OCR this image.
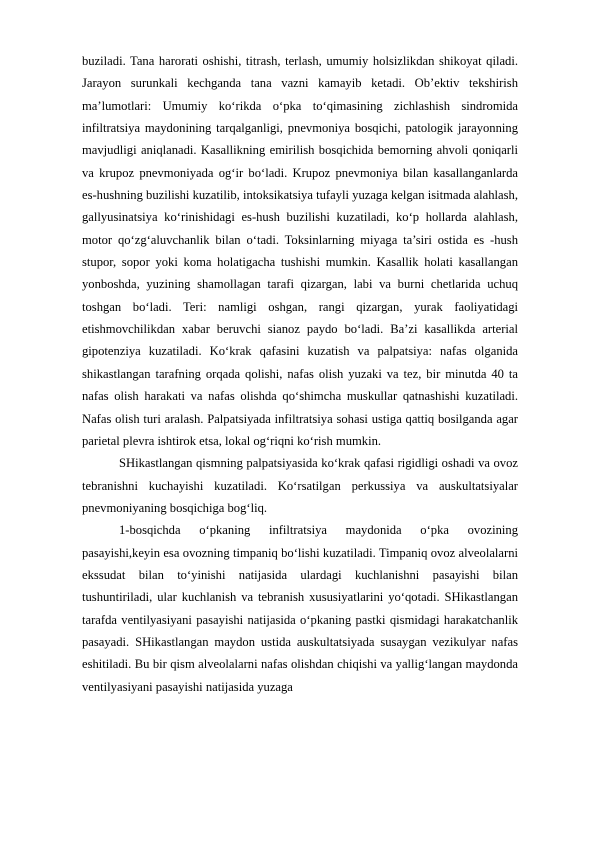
buziladi. Tana harorati oshishi, titrash, terlash, umumiy holsizlikdan shikoyat qiladi. Jarayon surunkali kechganda tana vazni kamayib ketadi. Ob’ektiv tekshirish ma’lumotlari: Umumiy ko‘rikda o‘pka to‘qimasining zichlashish sindromida infiltratsiya maydonining tarqalganligi, pnevmoniya bosqichi, patologik jarayonning mavjudligi aniqlanadi. Kasallikning emirilish bosqichida bemorning ahvoli qoniqarli va krupoz pnevmoniyada og‘ir bo‘ladi. Krupoz pnevmoniya bilan kasallanganlarda es-hushning buzilishi kuzatilib, intoksikatsiya tufayli yuzaga kelgan isitmada alahlash, gallyusinatsiya ko‘rinishidagi es-hush buzilishi kuzatiladi, ko‘p hollarda alahlash, motor qo‘zg‘aluvchanlik bilan o‘tadi. Toksinlarning miyaga ta’siri ostida es -hush stupor, sopor yoki koma holatigacha tushishi mumkin. Kasallik holati kasallangan yonboshda, yuzining shamollagan tarafi qizargan, labi va burni chetlarida uchuq toshgan bo‘ladi. Teri: namligi oshgan, rangi qizargan, yurak faoliyatidagi etishmovchilikdan xabar beruvchi sianoz paydo bo‘ladi. Ba’zi kasallikda arterial gipotenziya kuzatiladi. Ko‘krak qafasini kuzatish va palpatsiya: nafas olganida shikastlangan tarafning orqada qolishi, nafas olish yuzaki va tez, bir minutda 40 ta nafas olish harakati va nafas olishda qo‘shimcha muskullar qatnashishi kuzatiladi. Nafas olish turi aralash. Palpatsiyada infiltratsiya sohasi ustiga qattiq bosilganda agar parietal plevra ishtirok etsa, lokal og‘riqni ko‘rish mumkin.

SHikastlangan qismning palpatsiyasida ko‘krak qafasi rigidligi oshadi va ovoz tebranishni kuchayishi kuzatiladi. Ko‘rsatilgan perkussiya va auskultatsiyalar pnevmoniyaning bosqichiga bog‘liq.

1-bosqichda o‘pkaning infiltratsiya maydonida o‘pka ovozining pasayishi,keyin esa ovozning timpaniq bo‘lishi kuzatiladi. Timpaniq ovoz alveolalarni ekssudat bilan to‘yinishi natijasida ulardagi kuchlanishni pasayishi bilan tushuntiriladi, ular kuchlanish va tebranish xususiyatlarini yo‘qotadi. SHikastlangan tarafda ventilyasiyani pasayishi natijasida o‘pkaning pastki qismidagi harakatchanlik pasayadi. SHikastlangan maydon ustida auskultatsiyada susaygan vezikulyar nafas eshitiladi. Bu bir qism alveolalarni nafas olishdan chiqishi va yallig‘langan maydonda ventilyasiyani pasayishi natijasida yuzaga
